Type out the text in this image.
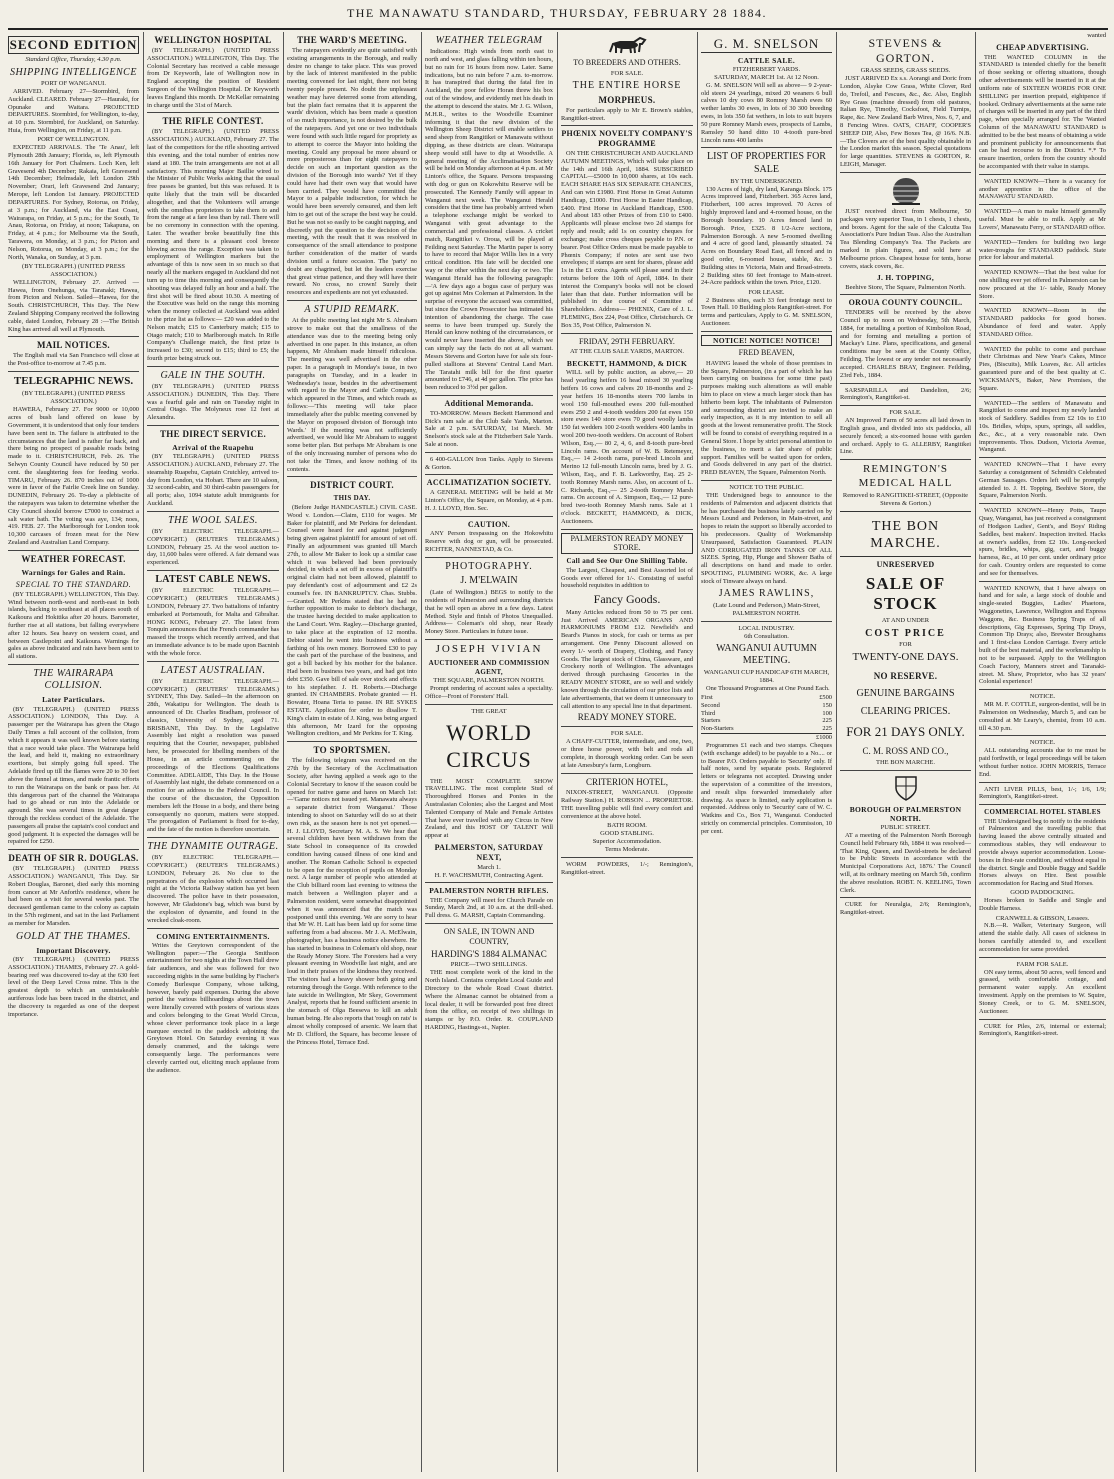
THE MANAWATU STANDARD, THURSDAY, FEBRUARY 28 1884.
SECOND EDITION
Standard Office, Thursday, 4.30 p.m.
SHIPPING INTELLIGENCE
PORT OF WANGANUI.

ARRIVED. February 27—Stormbird, from Auckland. CLEARED. February 27—Hauraki, for Opunake and Waitara. PROJECTED DEPARTURES. Stormbird, for Wellington, to-day, at 10 p.m. Stormbird, for Auckland, on Saturday. Huia, from Wellington, on Friday, at 11 p.m.

PORT OF WELLINGTON.

EXPECTED ARRIVALS. The 'Te Anau', left Plymouth 28th January; Florida, ss, left Plymouth 16th January for Port Chalmers. Loch Ken, left Gravesend 4th December; Rakaia, left Gravesend 14th December; Helmsdale, left London 29th November; Orari, left Gravesend 2nd January; Merope, left London 1st January. PROJECTED DEPARTURES. For Sydney, Rotorua, on Friday, at 3 p.m.; for Auckland, via the East Coast, Wairarapa, on Friday, at 5 p.m.; for the South, Te Anau, Rotorua, on Friday, at noon; Takapuna, on Friday, at 4 p.m.; for Melbourne via the South, Tarawera, on Monday, at 3 p.m.; for Picton and Nelson, Rotorua, on Monday, at 3 p.m.; for the North, Wanaka, on Sunday, at 3 p.m.

(BY TELEGRAPH.) (UNITED PRESS ASSOCIATION.)

WELLINGTON, February 27. Arrived — Hawea, from Onehunga, via Taranaki; Hawea, from Picton and Nelson. Sailed—Hawea, for the South. CHRISTCHURCH, This Day. The New Zealand Shipping Company received the following cable, dated London, February 28 :—The British King has arrived all well at Plymouth.

MAIL NOTICES.

The English mail via San Francisco will close at the Post-office to-morrow at 7.45 p.m.

TELEGRAPHIC NEWS.
(BY TELEGRAPH.) (UNITED PRESS ASSOCIATION.)

HAWERA, February 27. For 9000 or 10,000 acres of bush land offered on lease by Government, it is understood that only four tenders have been sent in. The failure is attributed to the circumstances that the land is rather far back, and there being no prospect of passable roads being made to it. CHRISTCHURCH, Feb. 26. The Selwyn County Council have reduced by 50 per cent. the slaughtering fees for feeding works. TIMARU, February 26. 870 inches out of 1000 were in favor of the Fairlie Creek line on Sunday. DUNEDIN, February 26. To-day a plebiscite of the ratepayers was taken to determine whether the City Council should borrow £7000 to construct a salt water bath. The voting was aye, 134; noes, 419. FEB. 27. The Marlborough for London took 10,300 carcases of frozen meat for the New Zealand and Australian Land Company.

WEATHER FORECAST.
Warnings for Gales and Rain.
SPECIAL TO THE STANDARD.

(BY TELEGRAPH.) WELLINGTON, This Day. Wind between north-west and north-east in both islands, backing to southeast at all places south of Kaikoura and Hokitika after 20 hours. Barometer, further rise at all stations, but falling everywhere after 12 hours. Sea heavy on western coast, and between Castlepoint and Kaikoura. Warnings for gales as above indicated and rain have been sent to all stations.

THE WAIRARAPA COLLISION.
Later Particulars.

(BY TELEGRAPH.) (UNITED PRESS ASSOCIATION.) LONDON, This Day. A passenger per the Wairarapa has given the Otago Daily Times a full account of the collision, from which it appears it was well known before starting that a race would take place. The Wairarapa held the lead, and held it, making no extraordinary exertions, but simply going full speed. The Adelaide fired up till the flames were 20 to 30 feet above the funnel at times, and made frantic efforts to run the Wairarapa on the bank or pass her. At this dangerous part of the channel the Wairarapa had to go ahead or run into the Adelaide or aground. She was several times in great danger through the reckless conduct of the Adelaide. The passengers all praise the captain's cool conduct and good judgment. It is expected the damages will be repaired for £250.

DEATH OF SIR R. DOUGLAS.

(BY TELEGRAPH.) (UNITED PRESS ASSOCIATION.) WANGANUI, This Day. Sir Robert Douglas, Baronet, died early this morning from cancer at Mr Anforth's residence, where he had been on a visit for several weeks past. The deceased gentleman came to the colony as captain in the 57th regiment, and sat in the last Parliament as member for Marsden.

GOLD AT THE THAMES.
Important Discovery.

(BY TELEGRAPH.) (UNITED PRESS ASSOCIATION.) THAMES, February 27. A gold-bearing reef was discovered to-day at the 630 feet level of the Deep Level Cross mine. This is the greatest depth to which an unmistakeable auriferous lode has been traced in the district, and the discovery is regarded as one of the deepest importance.

WELLINGTON HOSPITAL

(BY TELEGRAPH.) (UNITED PRESS ASSOCIATION.) WELLINGTON, This Day. The Colonial Secretary has received a cable message from Dr Keyworth, late of Wellington now in England accepting the position of Resident Surgeon of the Wellington Hospital. Dr Keyworth leaves England this month. Dr McKellar remaining in charge until the 31st of March.

THE RIFLE CONTEST.

(BY TELEGRAPH.) (UNITED PRESS ASSOCIATION.) AUCKLAND, February 27. The last of the competitors for the rifle shooting arrived this evening, and the total number of entries now stand at 180. The train arrangements are not at all satisfactory. This morning Major Baillie wired to the Minister of Public Works asking that the usual free passes be granted, but this was refused. It is quite likely that the train will be discarded altogether, and that the Volunteers will arrange with the omnibus proprietors to take them to and from the range at a fare less than by rail. There will be no ceremony in connection with the opening. Later. The weather broke beautifully fine this morning and there is a pleasant cool breeze blowing across the range. Exception was taken to employment of Wellington markers but the advantage of this is now seen in so much so that nearly all the markers engaged in Auckland did not turn up to time this morning and consequently the shooting was delayed fully an hour and a half. The first shot will be fired about 10.30. A meeting of the Executive was held on the range this morning when the money collected at Auckland was added to the prize list as follows:— £20 was added to the Nelson match; £15 to Canterbury match; £15 to Otago match; £10 to Marlborough match. In Rifle Company's Challenge match, the first prize is increased to £30; second to £15; third to £5; the fourth prize being struck out.

GALE IN THE SOUTH.

(BY TELEGRAPH.) (UNITED PRESS ASSOCIATION.) DUNEDIN, This Day. There was a fearful gale and rain on Tuesday night in Central Otago. The Molyneux rose 12 feet at Alexandra.

THE DIRECT SERVICE.
Arrival of the Ruapehu

(BY TELEGRAPH.) (UNITED PRESS ASSOCIATION.) AUCKLAND, February 27. The steamship Ruapehu, Captain Crutchley, arrived to-day from London, via Hobart. There are 10 saloon, 32 second-cabin, and 30 third-cabin passengers for all ports; also, 1094 statute adult immigrants for Auckland.

THE WOOL SALES.

(BY ELECTRIC TELEGRAPH.—COPYRIGHT.) (REUTER'S TELEGRAMS.) LONDON, February 25. At the wool auction to-day, 11,600 bales were offered. A fair demand was experienced.

LATEST CABLE NEWS.

(BY ELECTRIC TELEGRAPH.—COPYRIGHT.) (REUTER'S TELEGRAMS.) LONDON, February 27. Two battalions of infantry embarked at Portsmouth, for Malta and Gibraltar. HONG KONG, February 27. The latest from Tonquin announces that the French commander has massed the troops which recently arrived, and that an immediate advance is to be made upon Bacninh with the whole force.

LATEST AUSTRALIAN.

(BY ELECTRIC TELEGRAPH.—COPYRIGHT.) (REUTERS' TELEGRAMS.) SYDNEY, This Day. Sailed—In the afternoon on 28th, Wakatipu for Wellington. The death is announced of Dr. Charles Bradham, professor of classics, University of Sydney, aged 71. BRISBANE, This Day. In the Legislative Assembly last night a resolution was passed requiring that the Courier, newspaper, published here, be prosecuted for libelling members of the House, in an article commenting on the proceedings of the Elections Qualifications Committee. ADELAIDE, This Day. In the House of Assembly last night, the debate commenced on a motion for an address to the Federal Council. In the course of the discussion, the Opposition members left the House in a body, and there being consequently no quorum, matters were stopped. The prorogation of Parliament is fixed for to-day, and the fate of the motion is therefore uncertain.

THE DYNAMITE OUTRAGE.

(BY ELECTRIC TELEGRAPH.—COPYRIGHT.) (REUTER'S TELEGRAMS.) LONDON, February 26. No clue to the perpetrators of the explosion which occurred last night at the Victoria Railway station has yet been discovered. The police have in their possession, however, Mr Gladstone's bag, which was burst by the explosion of dynamite, and found in the wrecked cloak-room.

COMING ENTERTAINMENTS.

Writes the Greytown correspondent of the Wellington paper:—'The Georgia Smithson entertainment for two nights at the Town Hall drew fair audiences, and she was followed for two succeeding nights in the same building by Fischer's Comedy Burlesque Company, whose talking, however, barely paid expenses. During the above period the various billhoardings about the town were literally covered with posters of various sizes and colors belonging to the Great World Circus, whose clever performance took place in a large marquee erected in the paddock adjoining the Greytown Hotel. On Saturday evening it was densely crammed, and the takings were consequently large. The performances were cleverly carried out, eliciting much applause from the audience.

THE WARD'S MEETING.

The ratepayers evidently are quite satisfied with existing arrangements in the Borough, and really desire no change to take place. This was proved by the lack of interest manifested in the public meeting convened for last night, there not being twenty people present. No doubt the unpleasant weather may have deterred some from attending, but the plain fact remains that it is apparent the wards' division, which has been made a question of so much importance, is not desired by the bulk of the ratepayers. And yet one or two individuals were found with such little regard for propriety as to attempt to coerce the Mayor into holding the meeting. Could any proposal be more absurd or more preposterous than for eight ratepayers to decide on such an important question as the division of the Borough into wards? Yet if they could have had their own way that would have been carried. They would have committed the Mayor to a palpable indiscretion, for which he would have been severely censured, and then left him to get out of the scrape the best way he could. But he was not so easily to be caught napping, and discreetly put the question to the decision of the meeting, with the result that it was resolved in consequence of the small attendance to postpone further consideration of the matter of wards division until a future occasion. The 'party' no doubt are chagrined, but let the leaders exercise that great virtue patience, and they will have their reward. No cross, no crown! Surely their resources and expedients are not yet exhausted.

A STUPID REMARK.

At the public meeting last night Mr S. Abraham strove to make out that the smallness of the attendance was due to the meeting being only advertised in one paper. In this instance, as often happens, Mr Abraham made himself ridiculous. The meeting was well advertised in the other paper. In a paragraph in Monday's issue, in two paragraphs on Tuesday, and in a leader in Wednesday's issue, besides in the advertisement with regard to the Mayor and Cattle Company, which appeared in the Times, and which reads as follows:—'This meeting will take place immediately after the public meeting convened by the Mayor on proposed division of Borough into Wards.' If the meeting was not sufficiently advertised, we would like Mr Abraham to suggest some better plan. But perhaps Mr Abraham is one of the only increasing number of persons who do not take the Times, and know nothing of its contents.

DISTRICT COURT.
THIS DAY.

(Before Judge HANDCASTLE.) CIVIL CASE. Wood v. London.—Claim, £110 for wages. Mr Baker for plaintiff, and Mr Perkins for defendant. Counsel were heard for and against judgment being given against plaintiff for amount of set off. Finally an adjournment was granted till March 27th, to allow Mr Baker to look up a similar case which it was believed had been previously decided, in which a set off in excess of plaintiff's original claim had not been allowed, plaintiff to pay defendant's cost of adjournment and £2 2s counsel's fee. IN BANKRUPTCY. Chas. Stubbs.—Granted. Mr Perkins stated that he had no further opposition to make to debtor's discharge, the trustee having decided to make application to the Land Court. Wm. Ragley.—Discharge granted, to take place at the expiration of 12 months. Debtor stated he went into business without a farthing of his own money. Borrowed £30 to pay the cash part of the purchase of the business, and got a bill backed by his mother for the balance. Had been in business two years, and had got into debt £350. Gave bill of sale over stock and effects to his stepfather. J. H. Roberts.—Discharge granted. IN CHAMBERS. Probate granted — H. Bowater, Hoana Teria to pause. IN RE SYKES ESTATE. Application for order to disallow T. King's claim in estate of J. King, was being argued this afternoon, Mr Izard for the opposing Wellington creditors, and Mr Perkins for T. King.

TO SPORTSMEN.

The following telegram was received on the 27th by the Secretary of the Acclimatisation Society, after having applied a week ago to the Colonial Secretary to know if the season could be opened for native game and hares on March 1st:—'Game notices not issued yet. Manawatu always a separate district from Wanganui.' Those intending to shoot on Saturday will do so at their own risk, as the season here is not yet opened.—H. J. LLOYD, Secretary M. A. S. We hear that several children have been withdrawn from the State School in consequence of its crowded condition having caused illness of one kind and another. The Roman Catholic School is expected to be open for the reception of pupils on Monday next. A large number of people who attended at the Club billiard room last evening to witness the match between a Wellington player and a Palmerston resident, were somewhat disappointed when it was announced that the match was postponed until this evening. We are sorry to hear that Mr W. H. Lait has been laid up for some time suffering from a bad abscess. Mr J. A. McElwain, photographer, has a business notice elsewhere. He has started in business in Coleman's old shop, near the Ready Money Store. The Foresters had a very pleasant evening in Woodville last night, and are loud in their praises of the kindness they received. The visitors had a heavy shower both going and returning through the Gorge. With reference to the late suicide in Wellington, Mr Skey, Government Analyst, reports that he found sufficient arsenic in the stomach of Olga Beeseva to kill an adult human being. He also reports that 'rough on rats' is almost wholly composed of arsenic. We learn that Mr D. Clifford, the Square, has become lessee of the Princess Hotel, Terrace End.

WEATHER TELEGRAM

Indications: High winds from north east to north and west, and glass falling within ten hours, but no rain for 16 hours from now. Later. Same indications, but no rain before 7 a.m. to-morrow. It has transpired that during the fatal fire in Auckland, the poor fellow Horan threw his box out of the window, and evidently met his death in the attempt to descend the stairs. Mr J. G. Wilson, M.H.R., writes to the Woodville Examiner informing it that the new division of the Wellington Sheep District will enable settlers to send sheep from Rangitikei or Manawatu without dipping, as these districts are clean. Wairarapa sheep would still have to dip at Woodville. A general meeting of the Acclimatisation Society will be held on Monday afternoon at 4 p.m. at Mr Linton's office, the Square. Persons trespassing with dog or gun on Kokowhitu Reserve will be prosecuted. The Kennedy Family will appear in Wanganui next week. The Wanganui Herald considers that the time has probably arrived when a telephone exchange might be worked to Wanganui with great advantage to the commercial and professional classes. A cricket match, Rangitikei v. Oroua, will be played at Feilding next Saturday. The Martin paper is sorry to have to record that Major Willis lies in a very critical condition. His fate will be decided one way or the other within the next day or two. The Wanganui Herald has the following paragraph:—'A few days ago a bogus case of perjury was got up against Mrs Coleman at Palmerston. In the surprise of everyone the accused was committed, but since the Crown Prosecutor has intimated his intention of abandoning the charge. The case seems to have been trumped up. Surely the Herald can know nothing of the circumstances, or would never have inserted the above, which we can simply say the facts do not at all warrant. Messrs Stevens and Gorton have for sale six four-pulled stallions at Stevens' Central Land Mart. The Taratahi milk bill for the first quarter amounted to £746, at 4d per gallon. The price has been reduced to 3½d per gallon.

Additional Memoranda.

TO-MORROW. Messrs Beckett Hammond and Dick's ram sale at the Club Sale Yards, Marton. Sale at 2 p.m. SATURDAY, 1st March. Mr Snelson's stock sale at the Fitzherbert Sale Yards. Sale at noon.

6 400-GALLON Iron Tanks. Apply to Stevens & Gorton.

ACCLIMATIZATION SOCIETY.

A GENERAL MEETING will be held at Mr Linton's Office, the Square, on Monday, at 4 p.m. H. J. LLOYD, Hon. Sec.

CAUTION.

ANY Person trespassing on the Hokowhitu Reserve with dog or gun, will be prosecuted. RICHTER, NANNESTAD, & Co.

PHOTOGRAPHY.
J. M'ELWAIN

(Late of Wellington.) BEGS to notify to the residents of Palmerston and surrounding districts that he will open as above in a few days. Latest Method. Style and finish of Photos Unequalled. Address— Coleman's old shop, near Ready Money Store. Particulars in future issue.

JOSEPH VIVIAN
AUCTIONEER AND COMMISSION AGENT,
THE SQUARE, PALMERSTON NORTH.

Prompt rendering of account sales a speciality. Office—Front of Foresters' Hall.

THE GREAT
WORLD CIRCUS

THE MOST COMPLETE SHOW TRAVELLING. The most complete Stud of Thoroughbred Horses and Ponies in the Australasian Colonies; also the Largest and Most Talented Company of Male and Female Artistes That have ever travelled with any Circus in New Zealand, and this HOST OF TALENT Will appear at

PALMERSTON, SATURDAY NEXT,
March 1.
H. F. WACHSMUTH, Contracting Agent.
PALMERSTON NORTH RIFLES.

THE Company will meet for Church Parade on Sunday, March 2nd, at 10 a.m. at the drill-shed. Full dress. G. MARSH, Captain Commanding.

ON SALE, IN TOWN AND COUNTRY,
HARDING'S 1884 ALMANAC
PRICE—TWO SHILLINGS.

THE most complete work of the kind in the North Island. Contains complete Local Guide and Directory to the whole Road Coast district. Where the Almanac cannot be obtained from a local dealer, it will be forwarded post free direct from the office, on receipt of two shillings in stamps or by P.O. Order. R. COUPLAND HARDING, Hastings-st., Napier.

TO BREEDERS AND OTHERS.
FOR SALE.
THE ENTIRE HORSE
MORPHEUS.

For particulars apply to Mr E. Brown's stables, Rangitikei-street.

PHŒNIX NOVELTY COMPANY'S PROGRAMME

ON THE CHRISTCHURCH AND AUCKLAND AUTUMN MEETINGS, Which will take place on the 14th and 16th April, 1884. SUBSCRIBED CAPITAL—£5000 In 10,000 shares, at 10s each. EACH SHARE HAS SIX SEPARATE CHANCES, And can win £1980. First Horse in Great Autumn Handicap, £1000. First Horse in Easter Handicap, £400. First Horse in Auckland Handicap, £500. And about 183 other Prizes of from £10 to £400. Applicants will please enclose two 2d stamps for reply and result; add 1s on country cheques for exchange; make cross cheques payable to P.N. or bearer. Post Office Orders must be made payable to Phœnix Company; if notes are sent use two envelopes; if stamps are sent for shares, please add 1s in the £1 extra. Agents will please send in their returns before the 10th of April, 1884. In their interest the Company's books will not be closed later than that date. Further information will be published in due course of Committee of Shareholders. Address— PHŒNIX, Care of J. L. FLEMING, Box 224, Post Office, Christchurch. Or Box 35, Post Office, Palmerston N.

FRIDAY, 29TH FEBRUARY.
AT THE CLUB SALE YARDS, MARTON.
BECKETT, HAMMOND, & DICK

WILL sell by public auction, as above,— 20 head yearling heifers 16 head mixed 30 yearling heifers 16 cows and calves 20 18-months and 2-year heifers 16 18-months steers 700 lambs in wool 150 full-mouthed ewes 200 full-mouthed ewes 250 2 and 4-tooth wedders 200 fat ewes 150 store ewes 140 store ewes 70 good woolly lambs 150 fat wedders 100 2-tooth wedders 400 lambs in wool 200 two-tooth wedders. On account of Robert Wilson, Esq.,— 80 2, 4, 6, and 8-tooth pure-bred Lincoln rams. On account of W. B. Retemeyer, Esq.,— 14 2-tooth rams, pure-bred Lincoln and Merino 12 full-mouth Lincoln rams, bred by J. G. Wilson, Esq., and F. B. Larkworthy, Esq. 25 2-tooth Romney Marsh rams. Also, on account of L. C. Richards, Esq.,— 25 2-tooth Romney Marsh rams. On account of A. Simpson, Esq.,— 12 pure-bred two-tooth Romney Marsh rams. Sale at 1 o'clock. BECKETT, HAMMOND, & DICK, Auctioneers.

PALMERSTON READY MONEY STORE.
Call and See Our One Shilling Table.

The Largest, Cheapest, and Best Assorted lot of Goods ever offered for 1/-. Consisting of useful household requisites in addition to

Fancy Goods.

Many Articles reduced from 50 to 75 per cent. Just Arrived AMERICAN ORGANS AND HARMONIUMS FROM £12. Newfield's and Beard's Pianos in stock, for cash or terms as per arrangement. One Penny Discount allowed on every 1/- worth of Drapery, Clothing, and Fancy Goods. The largest stock of China, Glassware, and Crockery north of Wellington. The advantages derived through purchasing Groceries in the READY MONEY STORE, are so well and widely known through the circulation of our price lists and late advertisements, that we deem it unnecessary to call attention to any special line in that department.

READY MONEY STORE.
FOR SALE.

A CHAFF-CUTTER, intermediate, and one, two, or three horse power, with belt and rods all complete, in thorough working order. Can be seen at late Amesbury's farm, Longburn.

CRITERION HOTEL,

NIXON-STREET, WANGANUI. (Opposite Railway Station.) H. ROBSON ... PROPRIETOR. THE travelling public will find every comfort and convenience at the above hotel.

BATH ROOM.
GOOD STABLING.
Superior Accommodation.
Terms Moderate.

WORM POWDERS, 1/-; Remington's, Rangitikei-street.

G. M. SNELSON
CATTLE SALE.
FITZHERBERT YARDS.
SATURDAY, MARCH 1st. At 12 Noon.

G. M. SNELSON Will sell as above— 9 2-year-old steers 24 yearlings, mixed 20 weaners 6 bull calves 10 dry cows 80 Romney Marsh ewes 60 wether lambs 30 ewes, in lots of 30 300 breeding ewes, in lots 350 fat wethers, in lots to suit buyers 50 pure Romney Marsh ewes, prospects of Lambs, Ramsley 50 hand ditto 10 4-tooth pure-bred Lincoln rams 400 lambs

LIST OF PROPERTIES FOR SALE
BY THE UNDERSIGNED.

130 Acres of high, dry land, Karanga Block. 175 Acres improved land, Fitzherbert. 365 Acres land, Fitzherbert, 100 acres improved. 70 Acres of highly improved land and 4-roomed house, on the Borough boundary. 10 Acres fenced land in Borough. Price, £325. 8 1/2-Acre sections, Palmerston Borough. A new 5-roomed dwelling and 4 acre of good land, pleasantly situated. 74 Acres on Boundary Road East, all fenced and in good order, 6-roomed house, stable, &c. 3 Building sites in Victoria, Main and Broad-streets. 2 Building sites 60 feet frontage to Main-street. 24-Acre paddock within the town. Price, £120.

FOR LEASE.

2 Business sites, each 33 feet frontage next to Town Hall. 10 Building plots Rangitikei-street. For terms and particulars, Apply to G. M. SNELSON, Auctioneer.

NOTICE! NOTICE! NOTICE!
FRED BEAVEN,

HAVING leased the whole of those premises in the Square, Palmerston, (in a part of which he has been carrying on business for some time past) purposes making such alterations as will enable him to place on view a much larger stock than has hitherto been kept. The inhabitants of Palmerston and surrounding district are invited to make an early inspection, as it is my intention to sell all goods at the lowest remunerative profit. The Stock will be found to consist of everything required in a General Store. I hope by strict personal attention to the business, to merit a fair share of public support. Families will be waited upon for orders, and Goods delivered in any part of the district. FRED BEAVEN, The Square, Palmerston North.

NOTICE TO THE PUBLIC.

THE Undersigned begs to announce to the residents of Palmerston and adjacent districts that he has purchased the business lately carried on by Messrs Lound and Pederson, in Main-street, and hopes to retain the support so liberally accorded to his predecessors. Quality of Workmanship Unsurpassed, Satisfaction Guaranteed. PLAIN AND CORRUGATED IRON TANKS OF ALL SIZES. Spring, Hip, Plunge and Shower Baths of all descriptions on hand and made to order. SPOUTING, PLUMBING WORK, &c. A large stock of Tinware always on hand.

JAMES RAWLINS,
(Late Lound and Pederson,) Main-Street, PALMERSTON NORTH.
LOCAL INDUSTRY.
6th Consultation.
WANGANUI AUTUMN MEETING.
WANGANUI CUP HANDICAP 6TH MARCH, 1884.

One Thousand Programmes at One Pound Each.

First	£500
Second	150
Third	100
Starters	225
Non-Starters	225
£1000

Programmes £1 each and two stamps. Cheques (with exchange added) to be payable to a No.... or to Bearer P.O. Orders payable to 'Security' only. If half notes, send by separate posts. Registered letters or telegrams not accepted. Drawing under the supervision of a committee of the investors, and result slips forwarded immediately after drawing. As space is limited, early application is requested. Address only to 'Security' care of W. C. Watkins and Co., Box 71, Wanganui. Conducted strictly on commercial principles. Commission, 10 per cent.

STEVENS & GORTON.
GRASS SEEDS, GRASS SEEDS.

JUST ARRIVED Ex s.s. Aorangi and Doric from London, Alsyke Cow Grass, White Clover, Red do, Trefoil, and Fescues, &c., &c. Also, English Rye Grass (machine dressed) from old pastures, Italian Rye, Timothy, Cocksfoot, Field Turnips, Rape, &c. New Zealand Barb Wires, Nos. 6, 7, and 8 Fencing Wires. OATS, CHAFF, COOPER'S SHEEP DIP, Also, Few Boxes Tea, @ 16/6. N.B.—The Clovers are of the best quality obtainable in the London market this season. Special quotations for large quantities. STEVENS & GORTON, R. LEIGH, Manager.

JUST received direct from Melbourne, 50 packages very superior Teas, in 1 chests, 1 chests, and boxes. Agent for the sale of the Calcutta Tea Association's Pure Indian Teas. Also the Australian Tea Blending Company's Tea. The Packets are marked in plain figures, and sold here at Melbourne prices. Cheapest house for tents, horse covers, stack covers, &c.

J. H. TOPPING,
Beehive Store, The Square, Palmerston North.
OROUA COUNTY COUNCIL.

TENDERS will be received by the above Council up to noon on Wednesday, 5th March, 1884, for metalling a portion of Kimbolton Road, and for forming and metalling a portion of Mackay's Line. Plans, specifications, and general conditions may be seen at the County Office, Feilding. The lowest or any tender not necessarily accepted. CHARLES BRAY, Engineer. Feilding, 23rd Feb., 1884.

SARSPARILLA and Dandelion, 2/6; Remington's, Rangitikei-st.

FOR SALE.

AN Improved Farm of 50 acres all laid down in English grass, and divided into six paddocks, all securely fenced; a six-roomed house with garden and orchard. Apply to G. ALLERBY, Rangitikei Line.

REMINGTON'S MEDICAL HALL
Removed to RANGITIKEI-STREET, (Opposite Stevens & Gorton.)
THE BON MARCHE.
UNRESERVED
SALE OF STOCK
AT AND UNDER
COST PRICE
FOR
TWENTY-ONE DAYS.
NO RESERVE.
GENUINE BARGAINS
CLEARING PRICES.
FOR 21 DAYS ONLY.
C. M. ROSS AND CO.,
THE BON MARCHE.
BOROUGH OF PALMERSTON NORTH.
PUBLIC STREET.

AT a meeting of the Palmerston North Borough Council held February 6th, 1884 it was resolved— 'That King, Queen, and David-streets be declared to be Public Streets in accordance with the Municipal Corporations Act, 1876.' The Council will, at its ordinary meeting on March 5th, confirm the above resolution. ROBT. N. KEELING, Town Clerk.

CURE for Neuralgia, 2/6; Remington's, Rangitikei-street.

wanted
CHEAP ADVERTISING.

THE WANTED COLUMN in the STANDARD is intended chiefly for the benefit of those seeking or offering situations, though other advertisements will be inserted in it at the uniform rate of SIXTEEN WORDS FOR ONE SHILLING per insertion prepaid, eightpence if booked. Ordinary advertisements at the same rate of charges will be inserted in any part of the third page, when specially arranged for. The 'Wanted Column of the MANAWATU STANDARD is admitted to be the best means of obtaining a wide and prominent publicity for announcements that can be had recourse to in the District. *.* To ensure insertion, orders from the country should be accompanied with their value in stamps.

WANTED KNOWN—There is a vacancy for another apprentice in the office of the MANAWATU STANDARD.

WANTED—A man to make himself generally useful. Must be able to milk. Apply at Mr Lovers', Manawatu Ferry, or STANDARD office.

WANTED—Tenders for building two large water-troughs for STANDARD paddock. State price for labour and material.

WANTED KNOWN—That the best value for one shilling ever yet offered in Palmerston can be now procured at the 1/- table, Ready Money Store.

WANTED KNOWN—Room in the STANDARD paddocks for good horses. Abundance of feed and water. Apply STANDARD Office.

WANTED the public to come and purchase their Christmas and New Year's Cakes, Mince Pies, (Biscuits), Milk Loaves, &c. All articles guaranteed pure and of the best quality at C. WICKSMAN'S, Baker, New Premises, the Square.

WANTED—The settlers of Manawatu and Rangitikei to come and inspect my newly landed stock of Saddlery. Saddles from £2 10s to £10 10s. Bridles, whips, spurs, springs, all saddles, &c., &c., at a very reasonable rate. Own improvements. Thos. Dudson, Victoria Avenue, Wanganui.

WANTED KNOWN—That I have every Saturday a consignment of Schmidt's Celebrated German Sausages. Orders left will be promptly attended to. J. H. Topping, Beehive Store, the Square, Palmerston North.

WANTED KNOWN—Henry Potts, Taupo Quay, Wanganui, has just received a consignment of Hodgson Ladies', Gent's, and Boys' Riding Saddles, best makers'. Inspection invited. Hacks at owner's saddles, from £2 10s. Long-necked spurs, bridles, whips, gig, cart, and buggy harness, &c., at 10 per cent. under ordinary price for cash. Country orders are requested to come and see for themselves.

WANTED KNOWN, that I have always on hand and for sale, a large stock of double and single-seated Buggies, Ladies' Phaetons, Waggonettes, Lawrence, Wellington and Express Waggons, &c. Business Spring Traps of all descriptions, Gig Expresses, Spring Tip Drays, Common Tip Drays; also, Brewster Broughams and 1 first-class London Carriage. Every article built of the best material, and the workmanship is not to be surpassed. Apply to the Wellington Coach Factory, Manners street and Taranaki-street. M. Shaw, Proprietor, who has 32 years' Colonial experience!

NOTICE.

MR M. F. COTTLE, surgeon-dentist, will be in Palmerston on Wednesday, March 5, and can be consulted at Mr Leary's, chemist, from 10 a.m. till 4.30 p.m.

NOTICE.

ALL outstanding accounts due to me must be paid forthwith, or legal proceedings will be taken without further notice. JOHN MORRIS, Terrace End.

ANTI LIVER PILLS, best, 1/-; 1/6, 1/9; Remington's, Rangitikei-street.

COMMERCIAL HOTEL STABLES

THE Undersigned beg to notify to the residents of Palmerston and the travelling public that having leased the above centrally situated and commodious stables, they will endeavour to provide always superior accommodation. Loose-boxes in first-rate condition, and without equal in the district. Single and Double Buggy and Saddle Horses always on Hire. Best possible accommodation for Racing and Stud Horses.

GOOD PADDOCKING.

Horses broken to Saddle and Single and Double Harness.

CRANWELL & GIBSON, Lessees.

N.B.—R. Walker, Veterinary Surgeon, will attend the stable daily. All cases of sickness in horses carefully attended to, and excellent accommodation for same provided.

FARM FOR SALE.

ON easy terms, about 50 acres, well fenced and grassed, with comfortable cottage, and permanent water supply. An excellent investment. Apply on the premises to W. Squire, Stoney Creek, or to G. M. SNELSON, Auctioneer.

CURE for Piles, 2/6, internal or external; Remington's, Rangitikei-street.
